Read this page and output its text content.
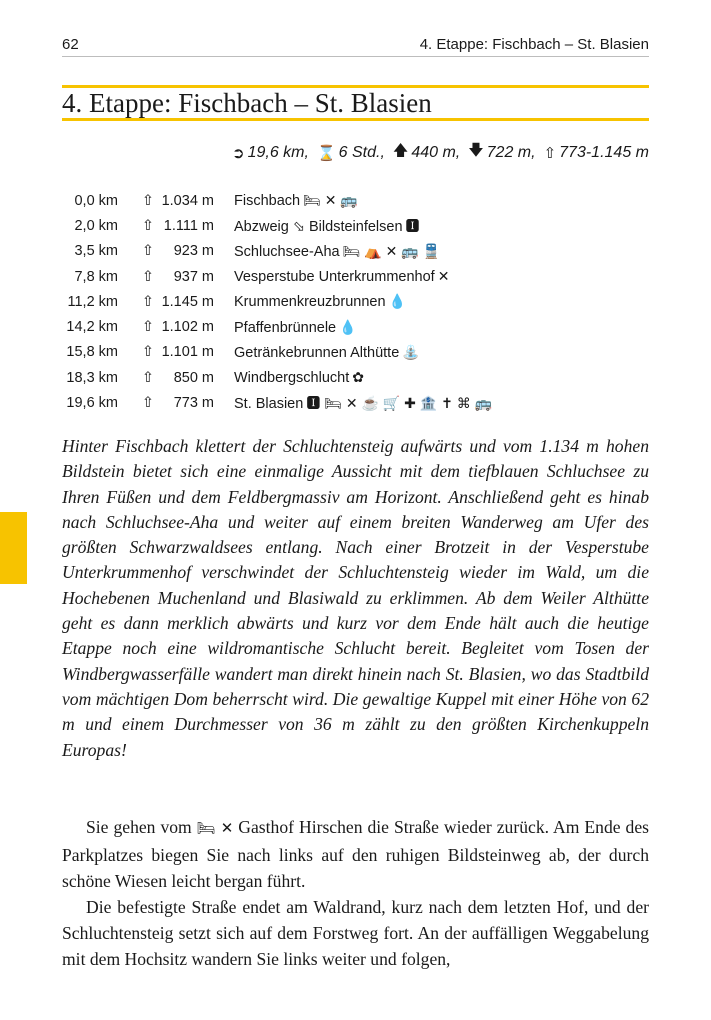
62	4. Etappe: Fischbach – St. Blasien
4. Etappe: Fischbach – St. Blasien
➲ 19,6 km, ⌛ 6 Std., 🡅 440 m, 🡇 722 m, ⇧ 773-1.145 m
0,0 km	⇧	1.034 m	Fischbach 🛏 ✕ 🚌
2,0 km	⇧	1.111 m	Abzweig ⬂ Bildsteinfelsen 🅸
3,5 km	⇧	923 m	Schluchsee-Aha 🛏 ⛺ ✕ 🚌 🚆
7,8 km	⇧	937 m	Vesperstube Unterkrummenhof ✕
11,2 km	⇧	1.145 m	Krummenkreuzbrunnen 💧
14,2 km	⇧	1.102 m	Pfaffenbrünnele 💧
15,8 km	⇧	1.101 m	Getränkebrunnen Althütte ⛲
18,3 km	⇧	850 m	Windbergschlucht ✿
19,6 km	⇧	773 m	St. Blasien 🅸 🛏 ✕ ☕ 🛒 ✚ 🏦 ✝ ⌘ 🚌

Hinter Fischbach klettert der Schluchtensteig aufwärts und vom 1.134 m hohen Bildstein bietet sich eine einmalige Aussicht mit dem tiefblauen Schluchsee zu Ihren Füßen und dem Feldbergmassiv am Horizont. Anschließend geht es hinab nach Schluchsee-Aha und weiter auf einem breiten Wanderweg am Ufer des größten Schwarzwaldsees entlang. Nach einer Brotzeit in der Vesperstube Unterkrummenhof verschwindet der Schluchtensteig wieder im Wald, um die Hochebenen Muchenland und Blasiwald zu erklimmen. Ab dem Weiler Althütte geht es dann merklich abwärts und kurz vor dem Ende hält auch die heutige Etappe noch eine wildromantische Schlucht bereit. Begleitet vom Tosen der Windbergwasserfälle wandert man direkt hinein nach St. Blasien, wo das Stadtbild vom mächtigen Dom beherrscht wird. Die gewaltige Kuppel mit einer Höhe von 62 m und einem Durchmesser von 36 m zählt zu den größten Kirchenkuppeln Europas!

Sie gehen vom 🛏 ✕ Gasthof Hirschen die Straße wieder zurück. Am Ende des Parkplatzes biegen Sie nach links auf den ruhigen Bildsteinweg ab, der durch schöne Wiesen leicht bergan führt.

Die befestigte Straße endet am Waldrand, kurz nach dem letzten Hof, und der Schluchtensteig setzt sich auf dem Forstweg fort. An der auffälligen Weggabelung mit dem Hochsitz wandern Sie links weiter und folgen,
